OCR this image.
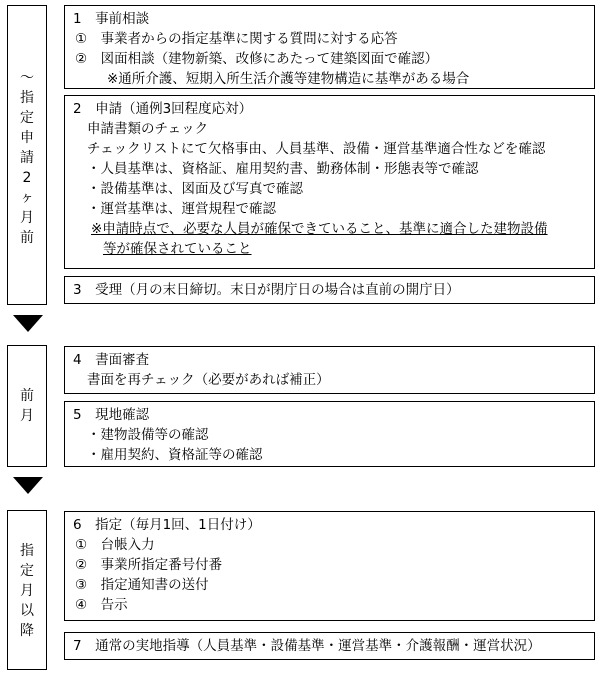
～
指
定
申
請
2
ヶ
月
前
前
月
指
定
月
以
降
1　事前相談
①　事業者からの指定基準に関する質問に対する応答
②　図面相談（建物新築、改修にあたって建築図面で確認）
※通所介護、短期入所生活介護等建物構造に基準がある場合
2　申請（通例3回程度応対）
申請書類のチェック
チェックリストにて欠格事由、人員基準、設備・運営基準適合性などを確認
・人員基準は、資格証、雇用契約書、勤務体制・形態表等で確認
・設備基準は、図面及び写真で確認
・運営基準は、運営規程で確認
※申請時点で、必要な人員が確保できていること、基準に適合した建物設備
等が確保されていること
3　受理（月の末日締切。末日が閉庁日の場合は直前の開庁日）
4　書面審査
書面を再チェック（必要があれば補正）
5　現地確認
・建物設備等の確認
・雇用契約、資格証等の確認
6　指定（毎月1回、1日付け）
①　台帳入力
②　事業所指定番号付番
③　指定通知書の送付
④　告示
7　通常の実地指導（人員基準・設備基準・運営基準・介護報酬・運営状況）
